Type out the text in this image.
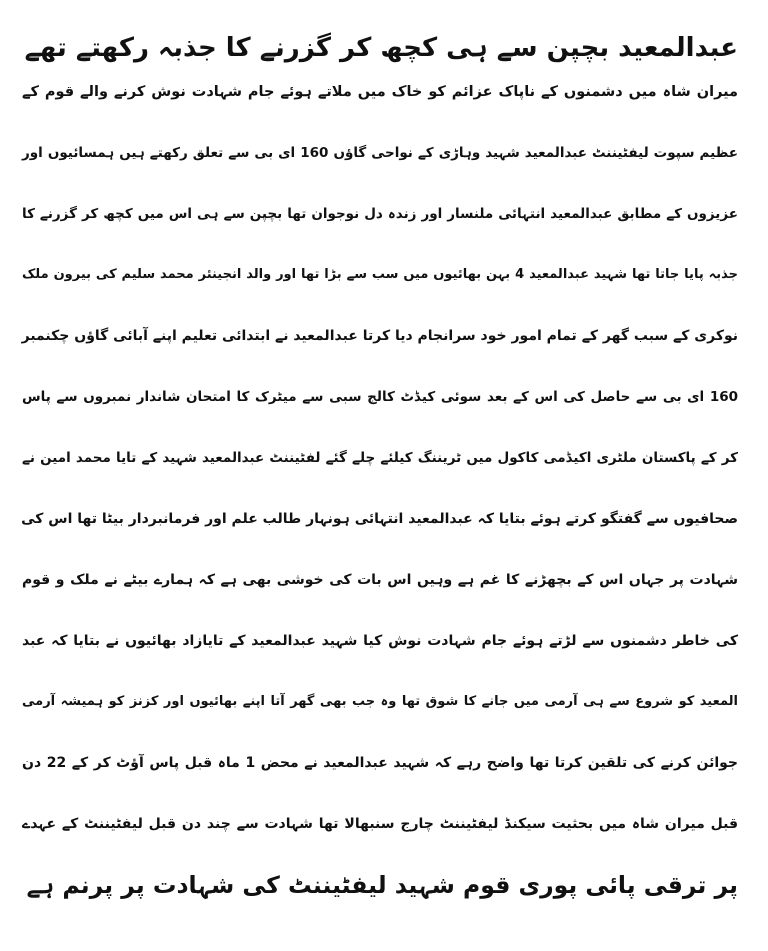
عبدالمعید بچپن سے ہی کچھ کر گزرنے کا جذبہ رکھتے تھے
میران شاہ میں دشمنوں کے ناپاک عزائم کو خاک میں ملاتے ہوئے جام شہادت نوش کرنے والے قوم کے
عظیم سپوت لیفٹیننٹ عبدالمعید شہید وہاڑی کے نواحی گاؤں 160 ای بی سے تعلق رکھتے ہیں ہمسائیوں اور
عزیزوں کے مطابق عبدالمعید انتہائی ملنسار اور زندہ دل نوجوان تھا بچپن سے ہی اس میں کچھ کر گزرنے کا
جذبہ پایا جاتا تھا شہید عبدالمعید 4 بہن بھائیوں میں سب سے بڑا تھا اور والد انجینئر محمد سلیم کی بیرون ملک
نوکری کے سبب گھر کے تمام امور خود سرانجام دیا کرتا عبدالمعید نے ابتدائی تعلیم اپنے آبائی گاؤں چکنمبر
160 ای بی سے حاصل کی اس کے بعد سوئی کیڈٹ کالج سبی سے میٹرک کا امتحان شاندار نمبروں سے پاس
کر کے پاکستان ملٹری اکیڈمی کاکول میں ٹریننگ کیلئے چلے گئے لفٹیننٹ عبدالمعید شہید کے تایا محمد امین نے
صحافیوں سے گفتگو کرتے ہوئے بتایا کہ عبدالمعید انتہائی ہونہار طالب علم اور فرمانبردار بیٹا تھا اس کی
شہادت پر جہاں اس کے بچھڑنے کا غم ہے وہیں اس بات کی خوشی بھی ہے کہ ہمارے بیٹے نے ملک و قوم
کی خاطر دشمنوں سے لڑتے ہوئے جام شہادت نوش کیا شہید عبدالمعید کے تایازاد بھائیوں نے بتایا کہ عبد
المعید کو شروع سے ہی آرمی میں جانے کا شوق تھا وہ جب بھی گھر آتا اپنے بھائیوں اور کزنز کو ہمیشہ آرمی
جوائن کرنے کی تلقین کرتا تھا واضح رہے کہ شہید عبدالمعید نے محض 1 ماہ قبل پاس آؤٹ کر کے 22 دن
قبل میران شاہ میں بحثیت سیکنڈ لیفٹیننٹ چارج سنبھالا تھا شہادت سے چند دن قبل لیفٹیننٹ کے عہدے
پر ترقی پائی پوری قوم شہید لیفٹیننٹ کی شہادت پر پرنم ہے
